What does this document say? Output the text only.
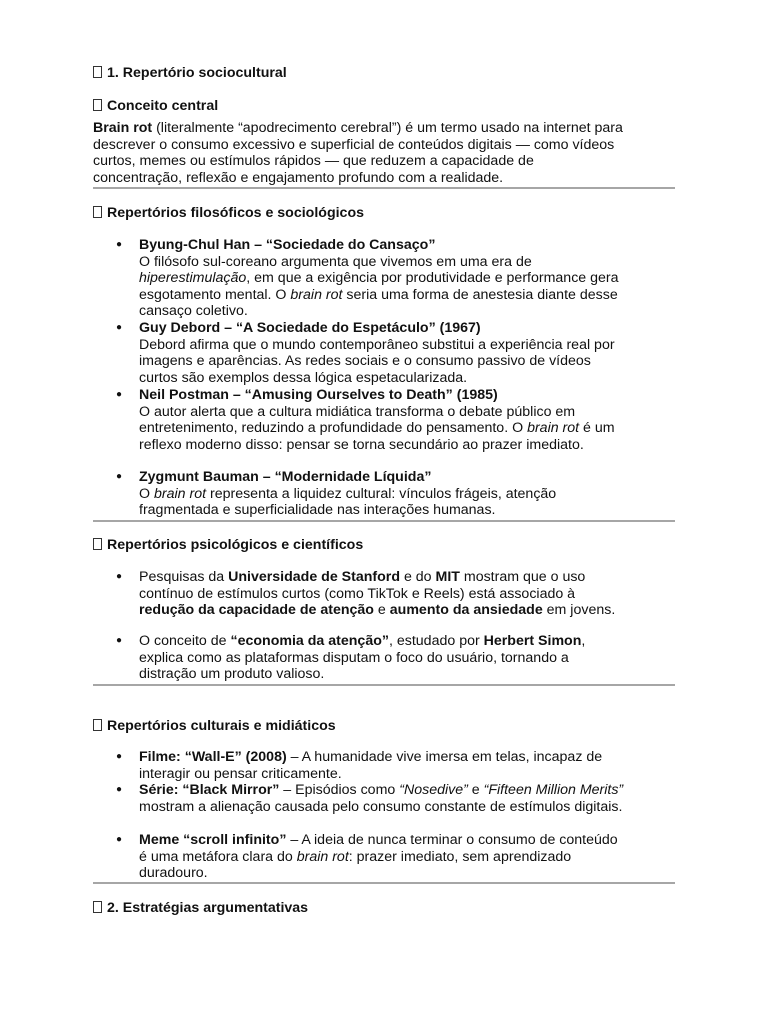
1. Repertório sociocultural
Conceito central
Brain rot (literalmente “apodrecimento cerebral”) é um termo usado na internet para
descrever o consumo excessivo e superficial de conteúdos digitais — como vídeos
curtos, memes ou estímulos rápidos — que reduzem a capacidade de
concentração, reflexão e engajamento profundo com a realidade.
Repertórios filosóficos e sociológicos
● Byung-Chul Han – “Sociedade do Cansaço”
O filósofo sul-coreano argumenta que vivemos em uma era de
hiperestimulação, em que a exigência por produtividade e performance gera
esgotamento mental. O brain rot seria uma forma de anestesia diante desse
cansaço coletivo.
● Guy Debord – “A Sociedade do Espetáculo” (1967)
Debord afirma que o mundo contemporâneo substitui a experiência real por
imagens e aparências. As redes sociais e o consumo passivo de vídeos
curtos são exemplos dessa lógica espetacularizada.
● Neil Postman – “Amusing Ourselves to Death” (1985)
O autor alerta que a cultura midiática transforma o debate público em
entretenimento, reduzindo a profundidade do pensamento. O brain rot é um
reflexo moderno disso: pensar se torna secundário ao prazer imediato.
● Zygmunt Bauman – “Modernidade Líquida”
O brain rot representa a liquidez cultural: vínculos frágeis, atenção
fragmentada e superficialidade nas interações humanas.
Repertórios psicológicos e científicos
● Pesquisas da Universidade de Stanford e do MIT mostram que o uso
contínuo de estímulos curtos (como TikTok e Reels) está associado à
redução da capacidade de atenção e aumento da ansiedade em jovens.
● O conceito de “economia da atenção”, estudado por Herbert Simon,
explica como as plataformas disputam o foco do usuário, tornando a
distração um produto valioso.
Repertórios culturais e midiáticos
● Filme: “Wall-E” (2008) – A humanidade vive imersa em telas, incapaz de
interagir ou pensar criticamente.
● Série: “Black Mirror” – Episódios como “Nosedive” e “Fifteen Million Merits”
mostram a alienação causada pelo consumo constante de estímulos digitais.
● Meme “scroll infinito” – A ideia de nunca terminar o consumo de conteúdo
é uma metáfora clara do brain rot: prazer imediato, sem aprendizado
duradouro.
2. Estratégias argumentativas
